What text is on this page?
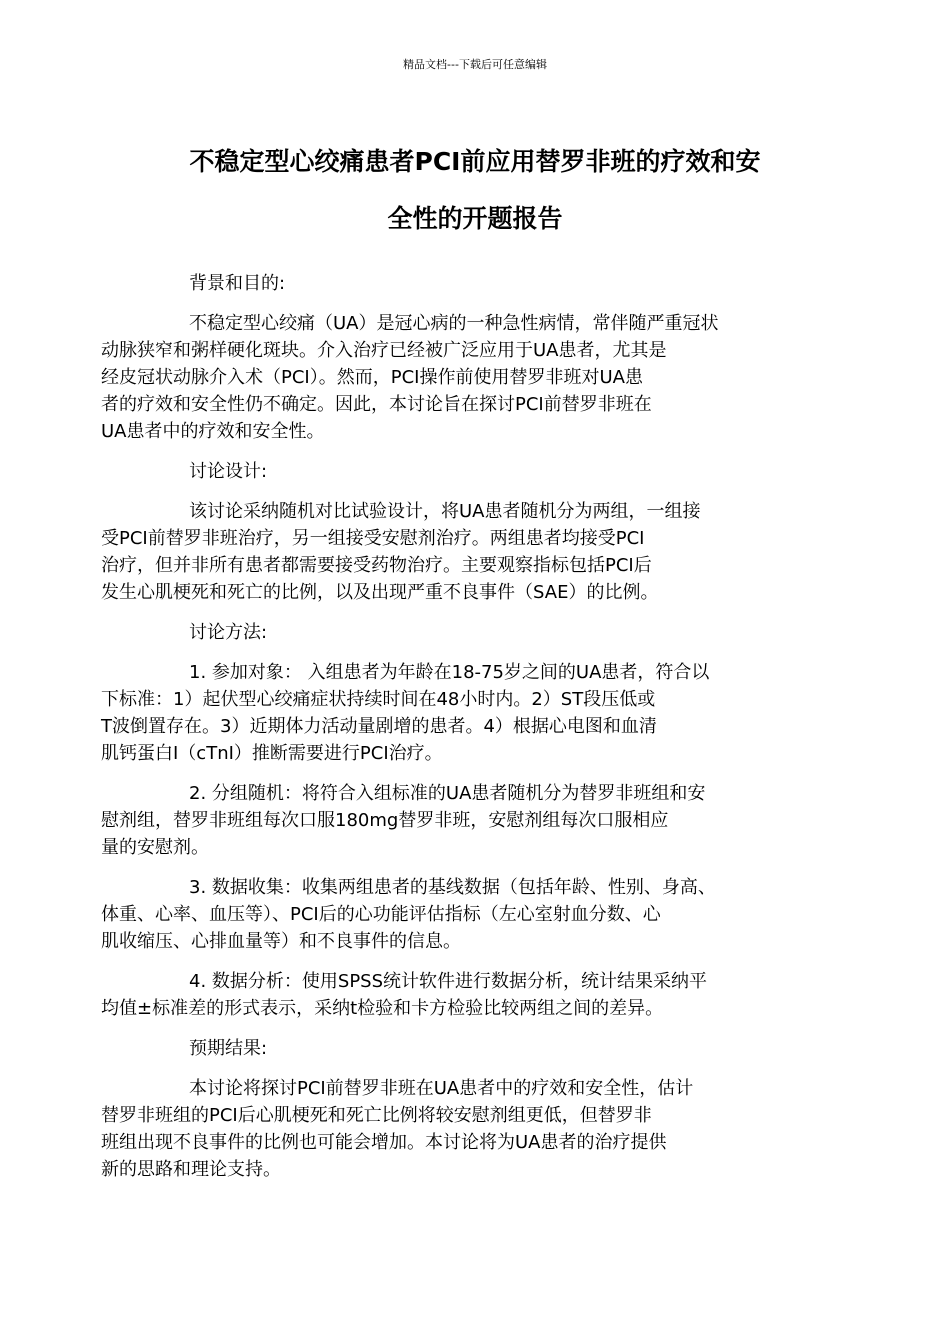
精品文档---下载后可任意编辑
不稳定型心绞痛患者PCI前应用替罗非班的疗效和安
全性的开题报告

背景和目的:

不稳定型心绞痛（UA）是冠心病的一种急性病情，常伴随严重冠状
动脉狭窄和粥样硬化斑块。介入治疗已经被广泛应用于UA患者，尤其是
经皮冠状动脉介入术（PCI）。然而，PCI操作前使用替罗非班对UA患
者的疗效和安全性仍不确定。因此，本讨论旨在探讨PCI前替罗非班在
UA患者中的疗效和安全性。

讨论设计:

该讨论采纳随机对比试验设计，将UA患者随机分为两组，一组接
受PCI前替罗非班治疗，另一组接受安慰剂治疗。两组患者均接受PCI
治疗，但并非所有患者都需要接受药物治疗。主要观察指标包括PCI后
发生心肌梗死和死亡的比例，以及出现严重不良事件（SAE）的比例。

讨论方法:

1. 参加对象： 入组患者为年龄在18-75岁之间的UA患者，符合以
下标准：1）起伏型心绞痛症状持续时间在48小时内。2）ST段压低或
T波倒置存在。3）近期体力活动量剧增的患者。4）根据心电图和血清
肌钙蛋白I（cTnI）推断需要进行PCI治疗。
2. 分组随机：将符合入组标准的UA患者随机分为替罗非班组和安
慰剂组，替罗非班组每次口服180mg替罗非班，安慰剂组每次口服相应
量的安慰剂。
3. 数据收集：收集两组患者的基线数据（包括年龄、性别、身高、
体重、心率、血压等）、PCI后的心功能评估指标（左心室射血分数、心
肌收缩压、心排血量等）和不良事件的信息。
4. 数据分析：使用SPSS统计软件进行数据分析，统计结果采纳平
均值±标准差的形式表示，采纳t检验和卡方检验比较两组之间的差异。

预期结果:

本讨论将探讨PCI前替罗非班在UA患者中的疗效和安全性，估计
替罗非班组的PCI后心肌梗死和死亡比例将较安慰剂组更低，但替罗非
班组出现不良事件的比例也可能会增加。本讨论将为UA患者的治疗提供
新的思路和理论支持。
